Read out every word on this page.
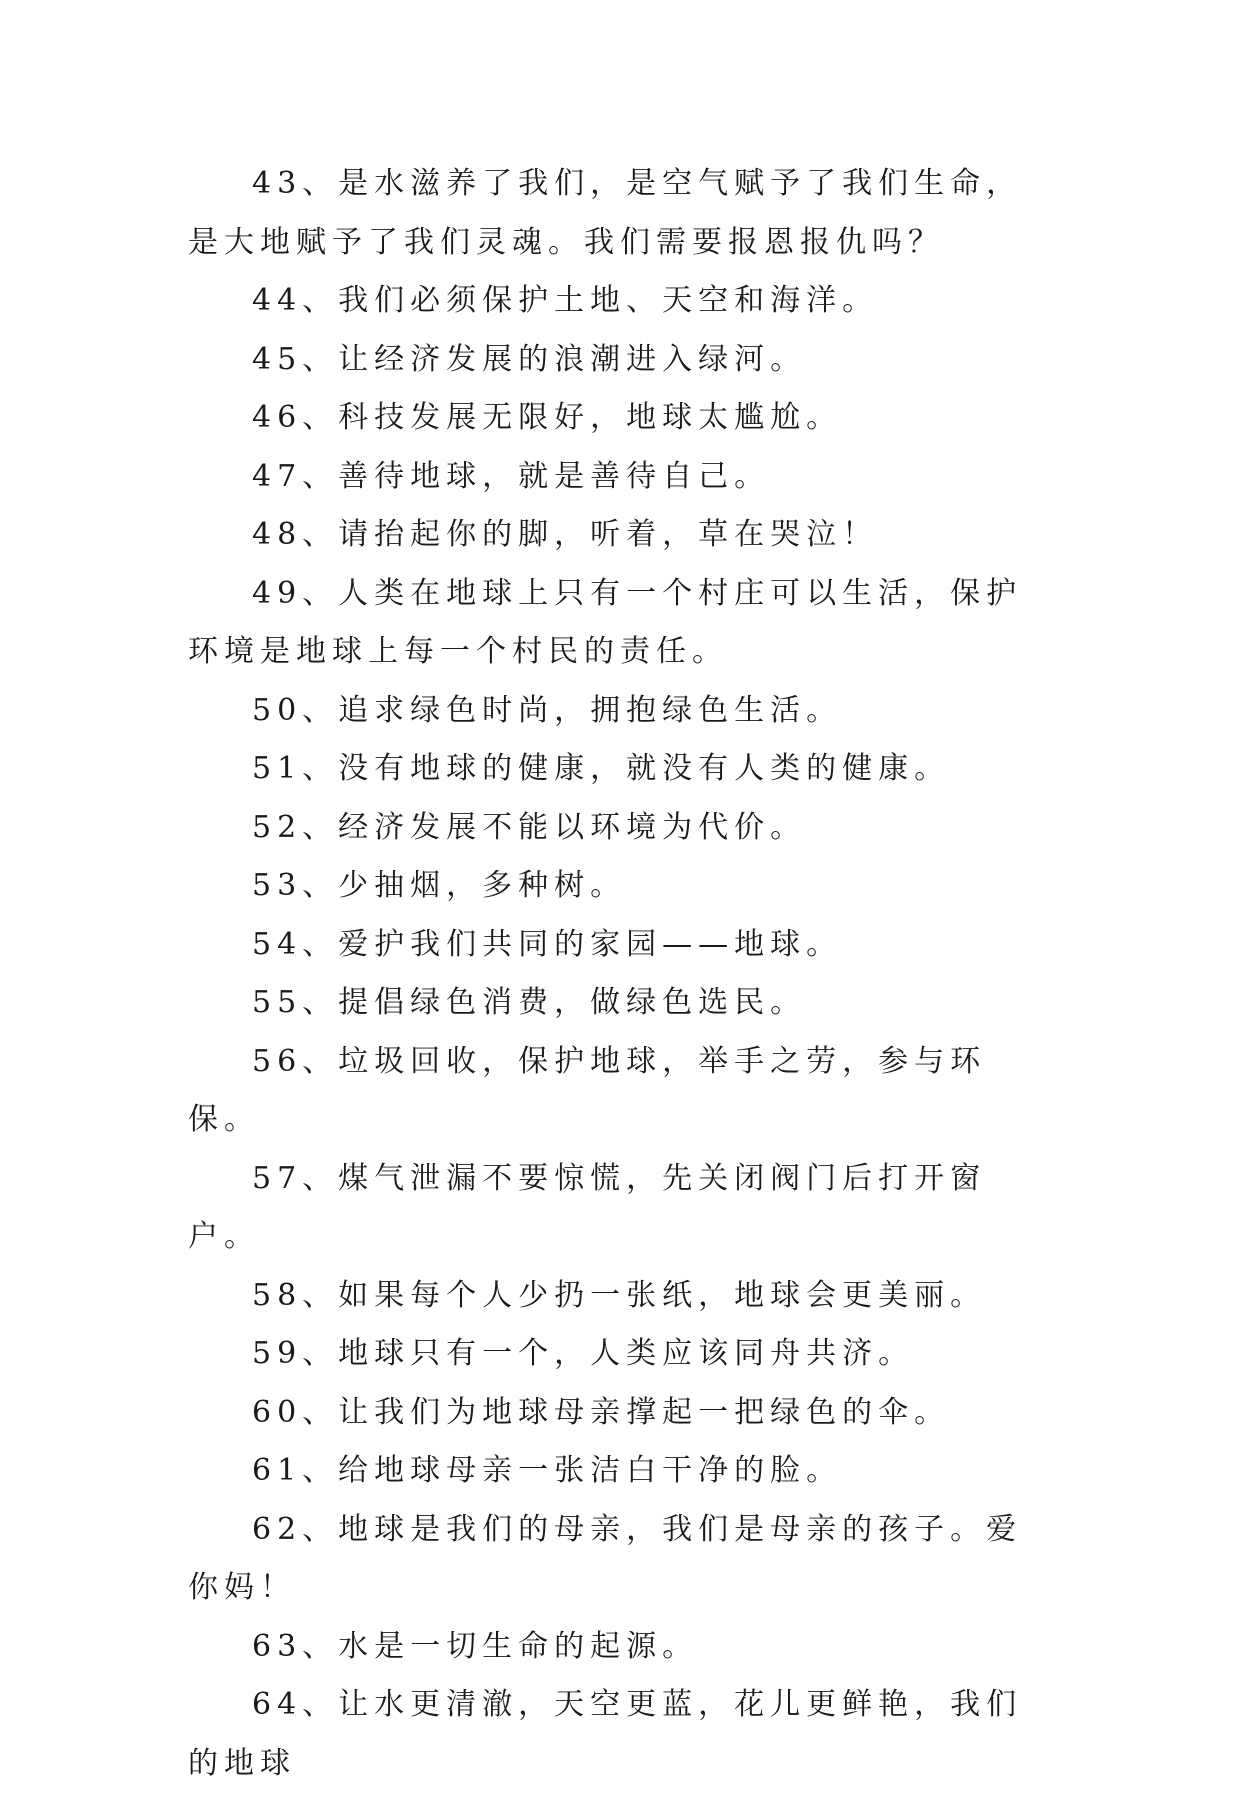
43、是水滋养了我们，是空气赋予了我们生命，是大地赋予了我们灵魂。我们需要报恩报仇吗？

44、我们必须保护土地、天空和海洋。

45、让经济发展的浪潮进入绿河。

46、科技发展无限好，地球太尴尬。

47、善待地球，就是善待自己。

48、请抬起你的脚，听着，草在哭泣！

49、人类在地球上只有一个村庄可以生活，保护环境是地球上每一个村民的责任。

50、追求绿色时尚，拥抱绿色生活。

51、没有地球的健康，就没有人类的健康。

52、经济发展不能以环境为代价。

53、少抽烟，多种树。

54、爱护我们共同的家园——地球。

55、提倡绿色消费，做绿色选民。

56、垃圾回收，保护地球，举手之劳，参与环保。

57、煤气泄漏不要惊慌，先关闭阀门后打开窗户。

58、如果每个人少扔一张纸，地球会更美丽。

59、地球只有一个，人类应该同舟共济。

60、让我们为地球母亲撑起一把绿色的伞。

61、给地球母亲一张洁白干净的脸。

62、地球是我们的母亲，我们是母亲的孩子。爱你妈！

63、水是一切生命的起源。

64、让水更清澈，天空更蓝，花儿更鲜艳，我们的地球
